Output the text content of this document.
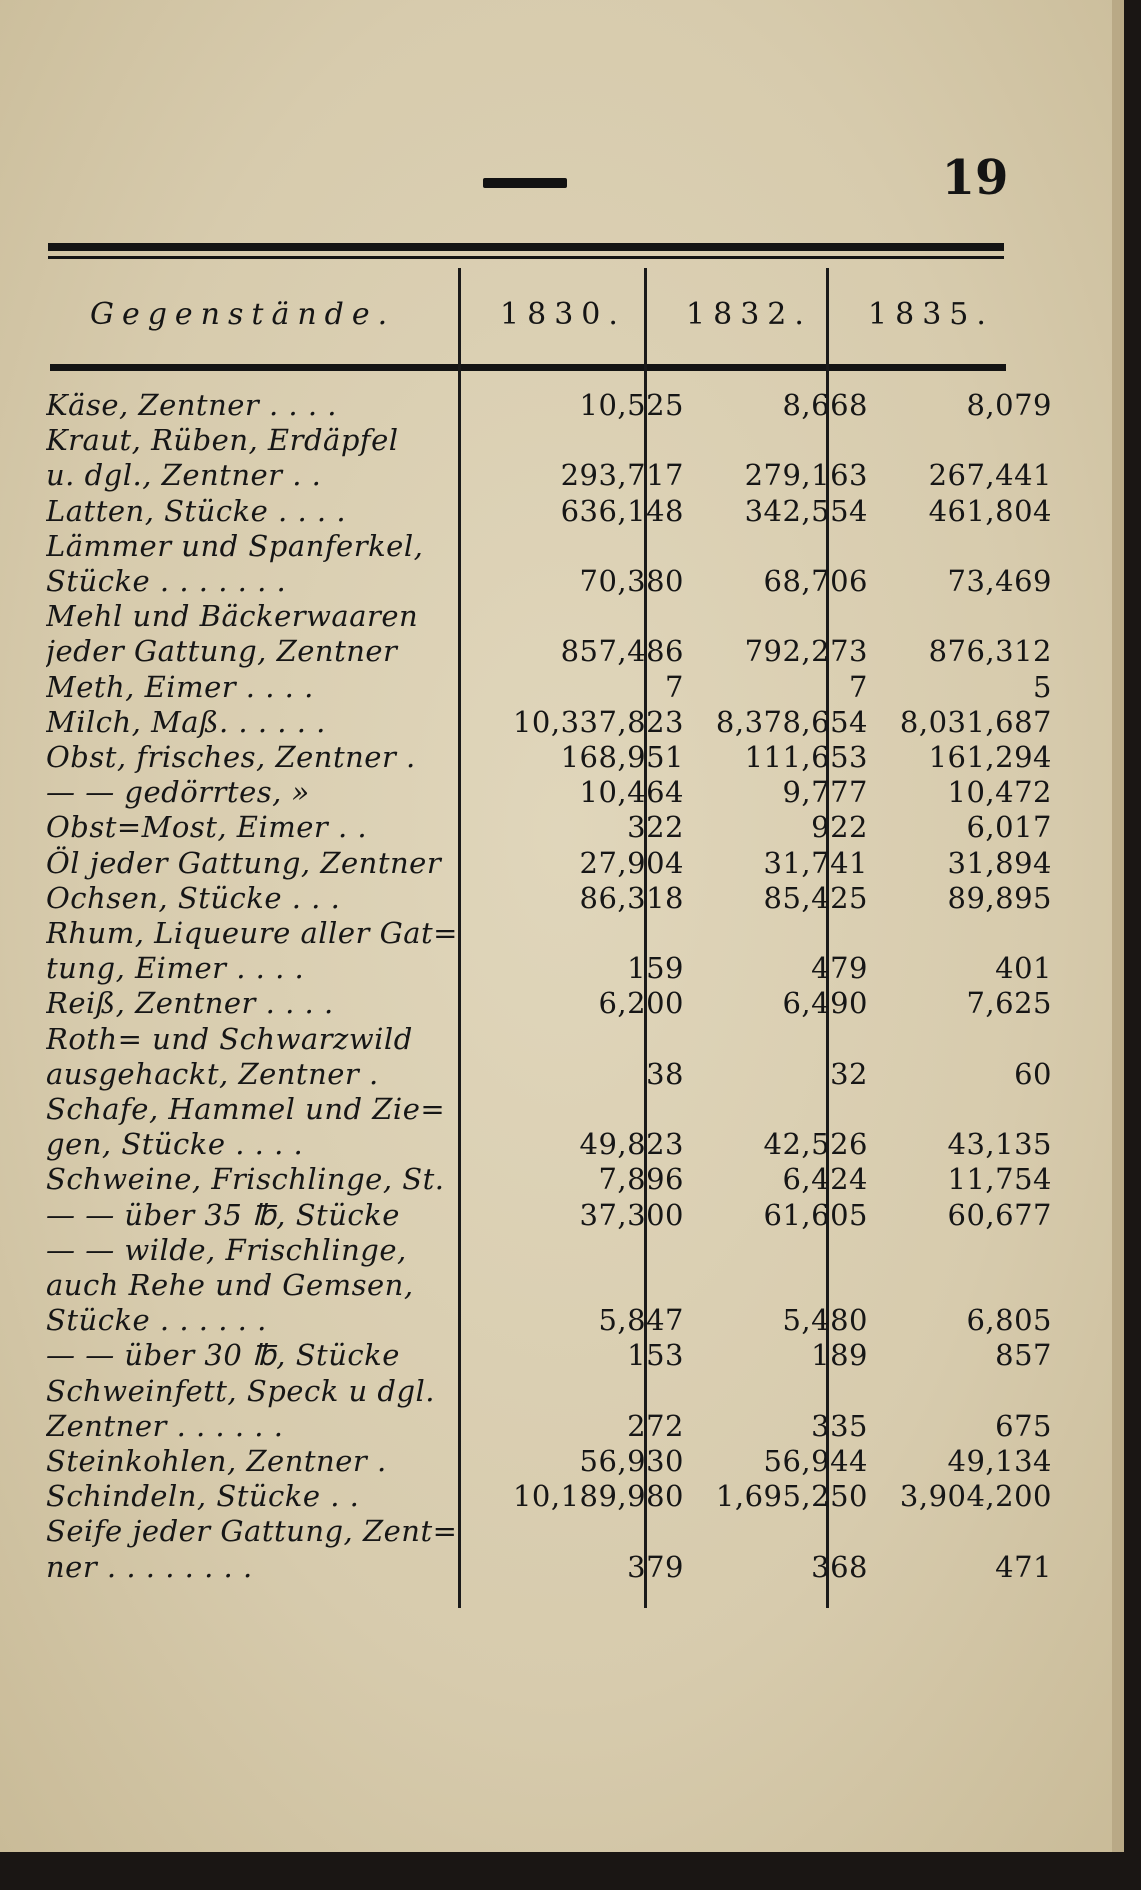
19
Gegenstände.	1830.	1832.	1835.
Käse, Zentner . . . .	10,525	8,668	8,079
Kraut, Rüben, Erdäpfel
u. dgl., Zentner . .	293,717	279,163	267,441
Latten, Stücke . . . .	636,148	342,554	461,804
Lämmer und Spanferkel,
Stücke . . . . . . .	70,380	68,706	73,469
Mehl und Bäckerwaaren
jeder Gattung, Zentner	857,486	792,273	876,312
Meth, Eimer . . . .	7	7	5
Milch, Maß. . . . . .	10,337,823	8,378,654	8,031,687
Obst, frisches, Zentner .	168,951	111,653	161,294
— — gedörrtes, »	10,464	9,777	10,472
Obst=Most, Eimer . .	322	922	6,017
Öl jeder Gattung, Zentner	27,904	31,741	31,894
Ochsen, Stücke . . .	86,318	85,425	89,895
Rhum, Liqueure aller Gat=
tung, Eimer . . . .	159	479	401
Reiß, Zentner . . . .	6,200	6,490	7,625
Roth= und Schwarzwild
ausgehackt, Zentner .	38	32	60
Schafe, Hammel und Zie=
gen, Stücke . . . .	49,823	42,526	43,135
Schweine, Frischlinge, St.	7,896	6,424	11,754
— — über 35 ℔, Stücke	37,300	61,605	60,677
— — wilde, Frischlinge,
auch Rehe und Gemsen,
Stücke . . . . . .	5,847	5,480	6,805
— — über 30 ℔, Stücke	153	189	857
Schweinfett, Speck u dgl.
Zentner . . . . . .	272	335	675
Steinkohlen, Zentner .	56,930	56,944	49,134
Schindeln, Stücke . .	10,189,980	1,695,250	3,904,200
Seife jeder Gattung, Zent=
ner . . . . . . . .	379	368	471
